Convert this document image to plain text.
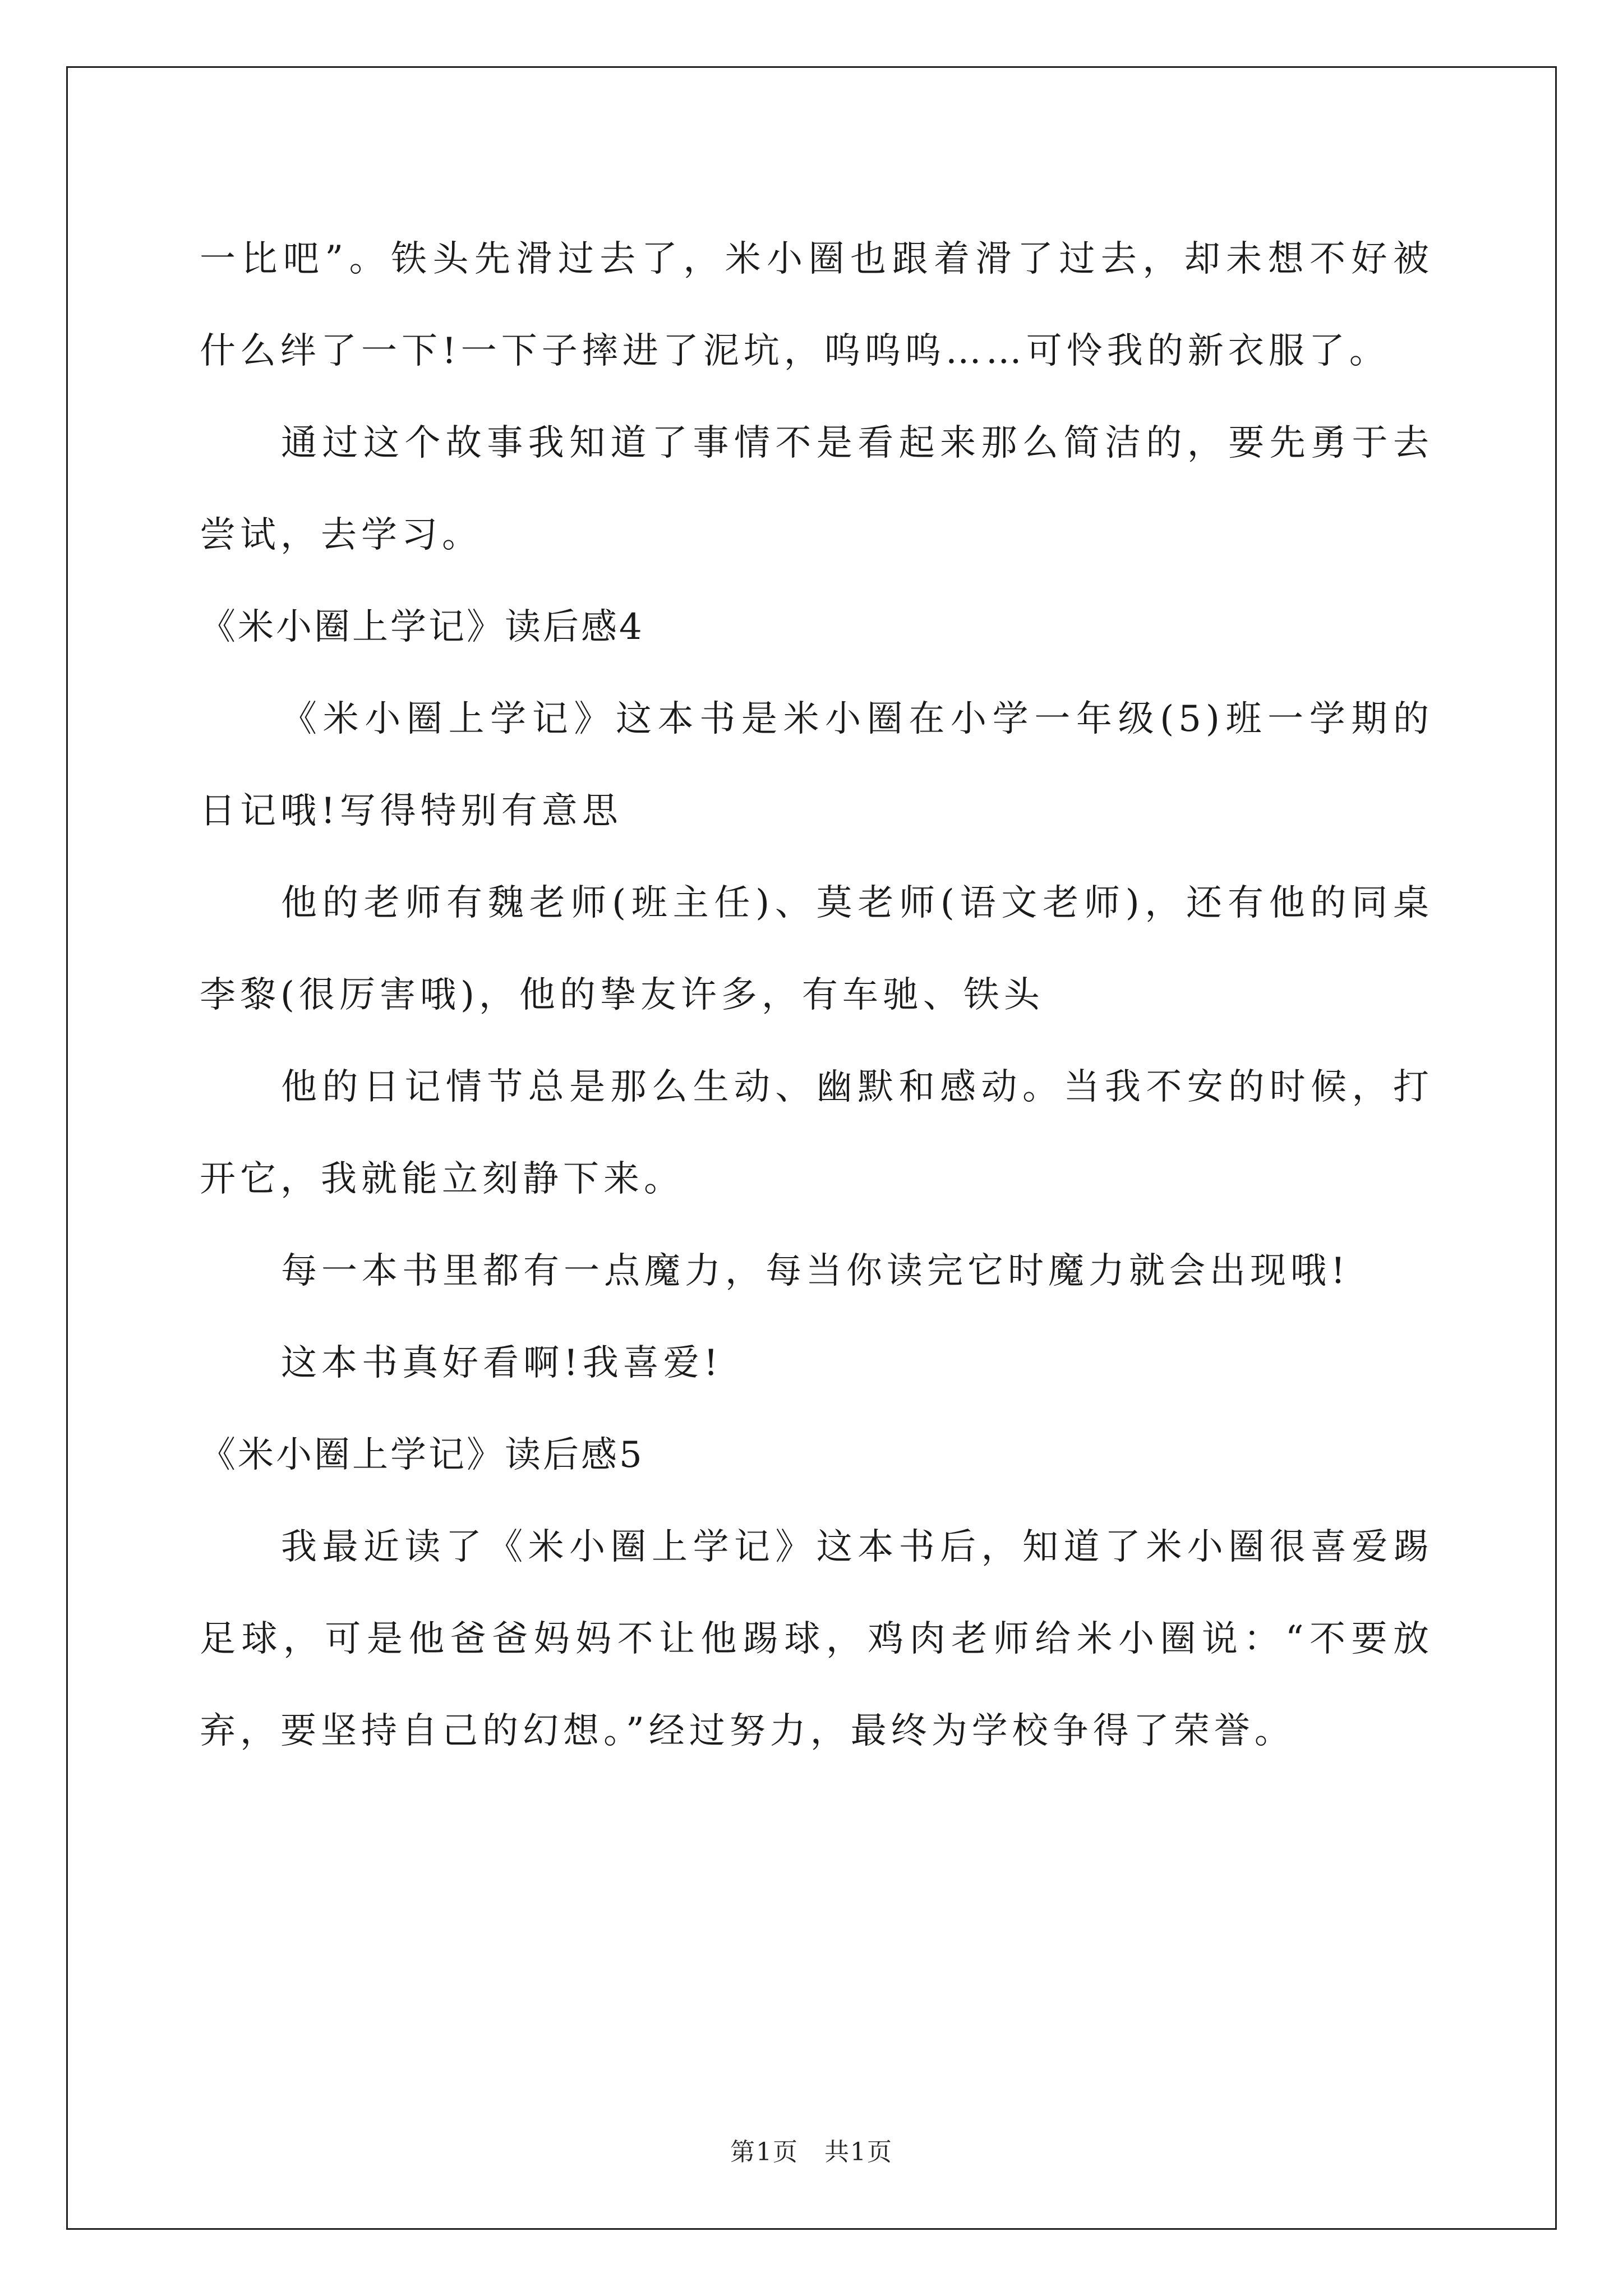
一比吧”。铁头先滑过去了，米小圈也跟着滑了过去，却未想不好被什么绊了一下!一下子摔进了泥坑，呜呜呜……可怜我的新衣服了。

通过这个故事我知道了事情不是看起来那么简洁的，要先勇于去尝试，去学习。

《米小圈上学记》读后感4

《米小圈上学记》这本书是米小圈在小学一年级(5)班一学期的日记哦!写得特别有意思

他的老师有魏老师(班主任)、莫老师(语文老师)，还有他的同桌李黎(很厉害哦)，他的挚友许多，有车驰、铁头

他的日记情节总是那么生动、幽默和感动。当我不安的时候，打开它，我就能立刻静下来。

每一本书里都有一点魔力，每当你读完它时魔力就会出现哦!

这本书真好看啊!我喜爱!

《米小圈上学记》读后感5

我最近读了《米小圈上学记》这本书后，知道了米小圈很喜爱踢足球，可是他爸爸妈妈不让他踢球，鸡肉老师给米小圈说：“不要放弃，要坚持自己的幻想。”经过努力，最终为学校争得了荣誉。

第1页　共1页
